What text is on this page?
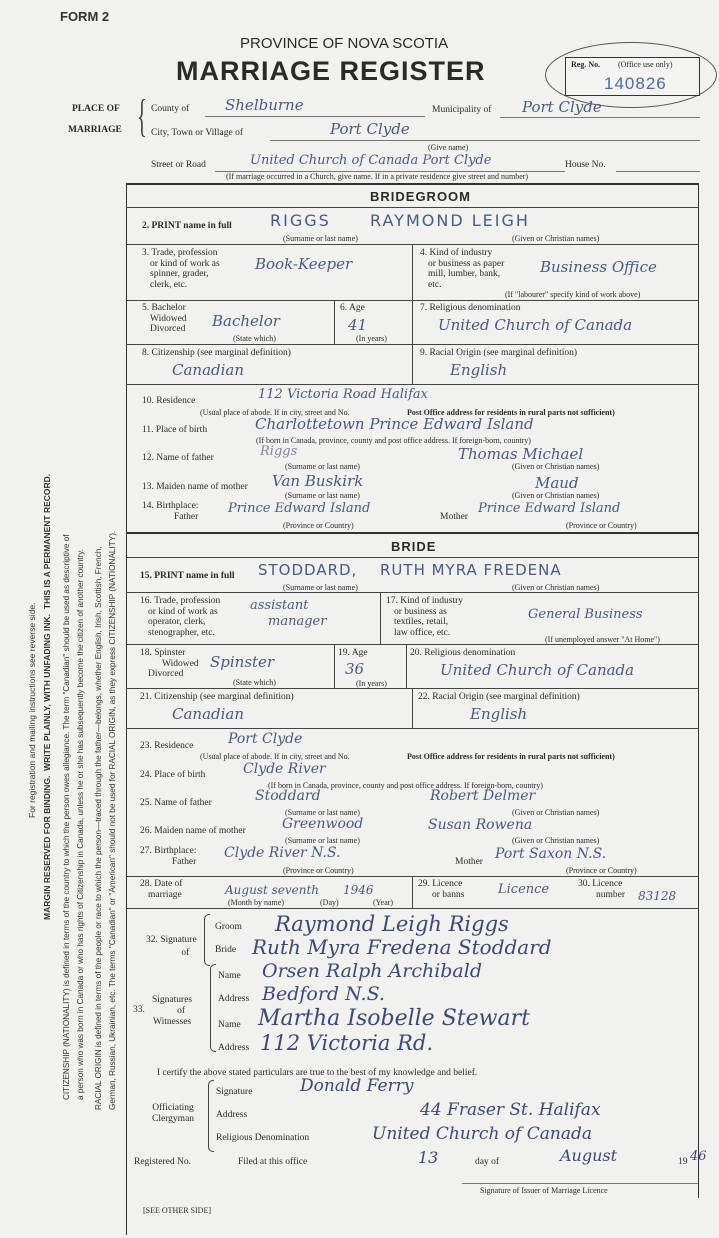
FORM 2
PROVINCE OF NOVA SCOTIA
MARRIAGE REGISTER	Reg. No. (Office use only)
140826
PLACE OF
MARRIAGE { County of Shelburne	Municipality of Port Clyde
City, Town or Village of	Port Clyde
(Give name)
Street or Road	United Church of Canada Port Clyde	House No.
(If marriage occurred in a Church, give name. If in a private residence give street and number)
For registration and mailing instructions see reverse side.
MARGIN RESERVED FOR BINDING.  WRITE PLAINLY, WITH UNFADING INK.  THIS IS A PERMANENT RECORD. CITIZENSHIP (NATIONALITY) is defined in terms of the country to which the person owes allegiance. The term "Canadian" should be used as descriptive of a person who was born in Canada or who has rights of Citizenship in Canada, unless he or she has subsequently become the citizen of another country. RACIAL ORIGIN is defined in terms of the people or race to which the person—traced through the father—belongs, whether English, Irish, Scottish, French, German, Russian, Ukrainian, etc. The terms "Canadian" or "American" should not be used for RACIAL ORIGIN, as they express CITIZENSHIP (NATIONALITY).
BRIDEGROOM
2. PRINT name in full RIGGS RAYMOND LEIGH
(Surname or last name)	(Given or Christian names)
3. Trade, profession
or kind of work as
spinner, grader,
clerk, etc.
Book-Keeper
4. Kind of industry
or business as paper
mill, lumber, bank,
etc.
Business Office
(If "labourer" specify kind of work above)
5. Bachelor
Widowed
Divorced Bachelor
(State which)
6. Age
41
(In years)
7. Religious denomination
United Church of Canada
8. Citizenship (see marginal definition)
Canadian
9. Racial Origin (see marginal definition)
English
10. Residence	112 Victoria Road Halifax
(Usual place of abode. If in city, street and No.	Post Office address for residents in rural parts not sufficient)
11. Place of birth	Charlottetown Prince Edward Island
(If born in Canada, province, county and post office address. If foreign-born, country)
12. Name of father	Riggs	Thomas Michael
(Surname or last name)	(Given or Christian names)
13. Maiden name of mother Van Buskirk	Maud
(Surname or last name)	(Given or Christian names)
14. Birthplace:
Father
Prince Edward Island
Mother
Prince Edward Island
(Province or Country)	(Province or Country)
BRIDE
15. PRINT name in full STODDARD, RUTH MYRA FREDENA
(Surname or last name)	(Given or Christian names)
16. Trade, profession
or kind of work as
operator, clerk,
stenographer, etc.
assistant
manager
17. Kind of industry
or business as
textiles, retail,
law office, etc.
General Business
(If unemployed answer "At Home")
18. Spinster
Widowed
Divorced
Spinster
(State which)
19. Age
36
(In years)
20. Religious denomination
United Church of Canada
21. Citizenship (see marginal definition)
Canadian
22. Racial Origin (see marginal definition)
English
23. Residence Port Clyde
(Usual place of abode. If in city, street and No.	Post Office address for residents in rural parts not sufficient)
24. Place of birth	Clyde River
(If born in Canada, province, county and post office address. If foreign-born, country)
25. Name of father	Stoddard	Robert Delmer
(Surname or last name)	(Given or Christian names)
26. Maiden name of mother	Greenwood	Susan Rowena
(Surname or last name)	(Given or Christian names)
27. Birthplace:
Father
Clyde River N.S.
Mother Port Saxon N.S.
(Province or Country)	(Province or Country)
28. Date of
marriage	August seventh 1946
(Month by name)	(Day)	(Year)
29. Licence
or banns	Licence	30. Licence
number 83128
32. Signature
of
Groom Raymond Leigh Riggs
Bride Ruth Myra Fredena Stoddard
33.
Signatures
of
Witnesses
Name Orsen Ralph Archibald
Address Bedford N.S.
Name Martha Isobelle Stewart
Address 112 Victoria Rd.
I certify the above stated particulars are true to the best of my knowledge and belief.
Officiating
Clergyman
Signature	Donald Ferry
Address	44 Fraser St. Halifax
Religious Denomination	United Church of Canada
Registered No.	Filed at this office	13	day of	August	19 46
Signature of Issuer of Marriage Licence
[SEE OTHER SIDE]
